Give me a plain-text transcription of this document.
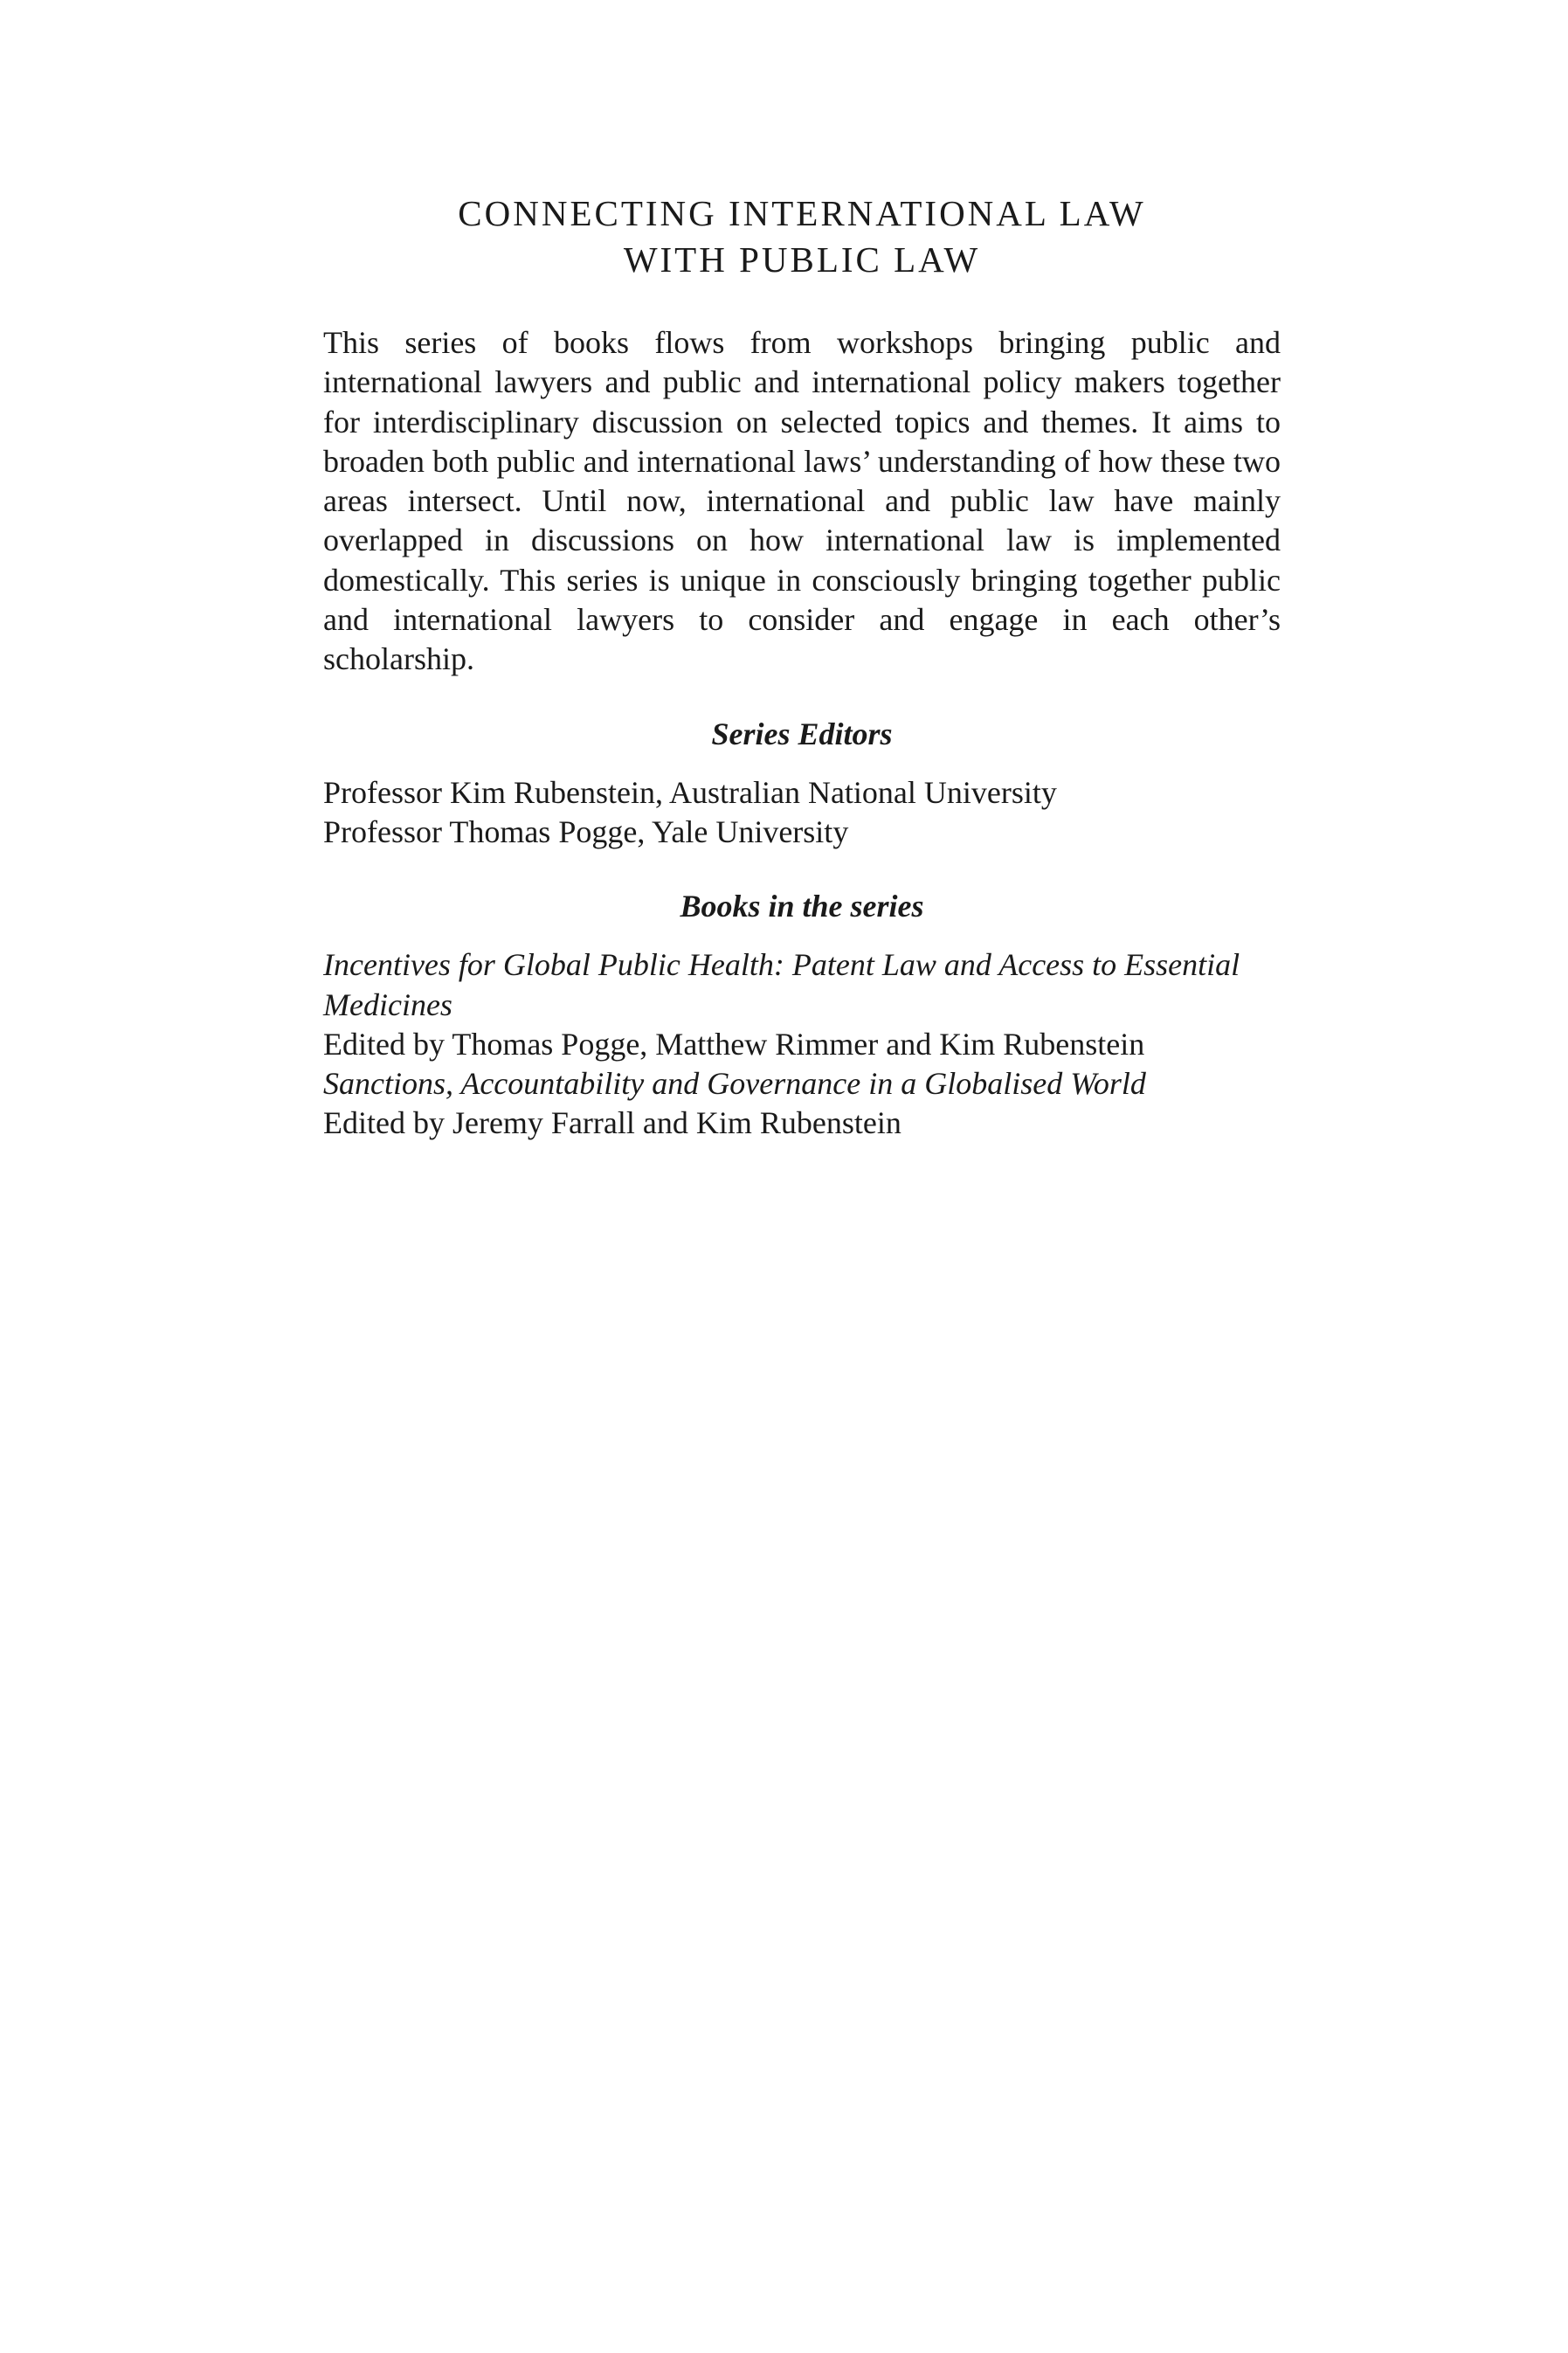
CONNECTING INTERNATIONAL LAW
WITH PUBLIC LAW

This series of books flows from workshops bringing public and international lawyers and public and international policy makers together for interdisciplinary discussion on selected topics and themes. It aims to broaden both public and international laws’ understanding of how these two areas intersect. Until now, international and public law have mainly overlapped in discussions on how international law is implemented domestically. This series is unique in consciously bringing together public and international lawyers to consider and engage in each other’s scholarship.

Series Editors
Professor Kim Rubenstein, Australian National University
Professor Thomas Pogge, Yale University
Books in the series
Incentives for Global Public Health: Patent Law and Access to Essential Medicines
Edited by Thomas Pogge, Matthew Rimmer and Kim Rubenstein
Sanctions, Accountability and Governance in a Globalised World
Edited by Jeremy Farrall and Kim Rubenstein
